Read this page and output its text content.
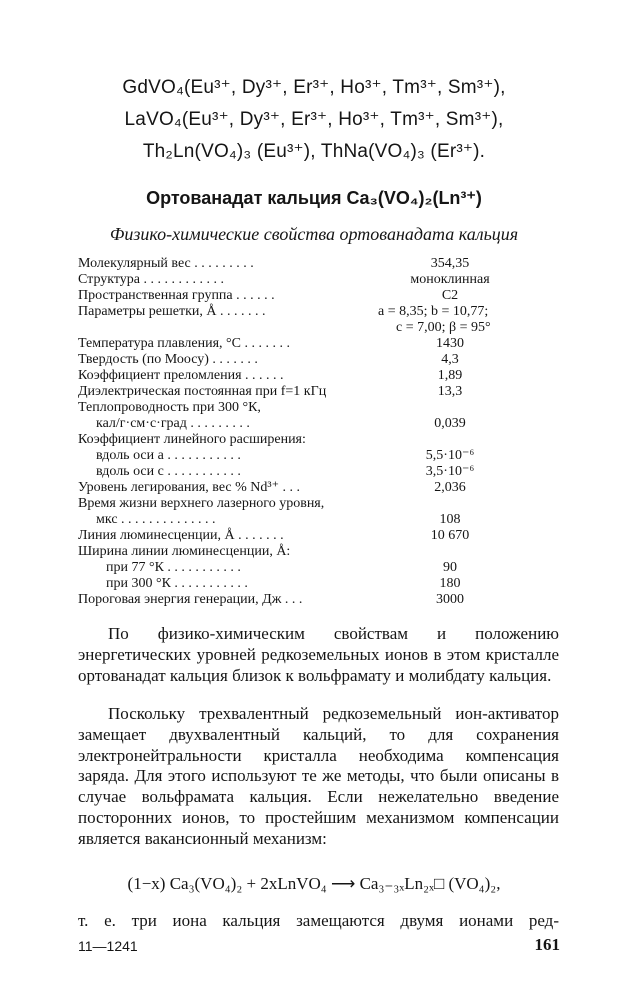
GdVO₄(Eu³⁺, Dy³⁺, Er³⁺, Ho³⁺, Tm³⁺, Sm³⁺),
LaVO₄(Eu³⁺, Dy³⁺, Er³⁺, Ho³⁺, Tm³⁺, Sm³⁺),
Th₂Ln(VO₄)₃ (Eu³⁺), ThNa(VO₄)₃ (Er³⁺).
Ортованадат кальция Ca₃(VO₄)₂(Ln³⁺)
Физико-химические свойства ортованадата кальция
Молекулярный вес . . . . . . . . .	354,35
Структура . . . . . . . . . . . .	моноклинная
Пространственная группа . . . . . .	C2
Параметры решетки, Å . . . . . . .	a = 8,35; b = 10,77;
c = 7,00; β = 95°
Температура плавления, °С . . . . . . .	1430
Твердость (по Моосу) . . . . . . .	4,3
Коэффициент преломления . . . . . .	1,89
Диэлектрическая постоянная при f=1 кГц	13,3
Теплопроводность при 300 °К,
кал/г·см·с·град . . . . . . . . .	0,039
Коэффициент линейного расширения:
вдоль оси a . . . . . . . . . . .	5,5·10⁻⁶
вдоль оси c . . . . . . . . . . .	3,5·10⁻⁶
Уровень легирования, вес % Nd³⁺ . . .	2,036
Время жизни верхнего лазерного уровня,
мкс . . . . . . . . . . . . . .	108
Линия люминесценции, Å . . . . . . .	10 670
Ширина линии люминесценции, Å:
при 77 °К . . . . . . . . . . .	90
при 300 °К . . . . . . . . . . .	180
Пороговая энергия генерации, Дж . . .	3000
По физико-химическим свойствам и положению энергетических уровней редкоземельных ионов в этом кристалле ортованадат кальция близок к вольфрамату и молибдату кальция.
Поскольку трехвалентный редкоземельный ион-активатор замещает двухвалентный кальций, то для сохранения электронейтральности кристалла необходима компенсация заряда. Для этого используют те же методы, что были описаны в случае вольфрамата кальция. Если нежелательно введение посторонних ионов, то простейшим механизмом компенсации является вакансионный механизм:
(1−x) Ca₃(VO₄)₂ + 2xLnVO₄ ⟶ Ca₃₋₃ₓLn₂ₓ□ (VO₄)₂,
т. е. три иона кальция замещаются двумя ионами ред-
11—1241	161
